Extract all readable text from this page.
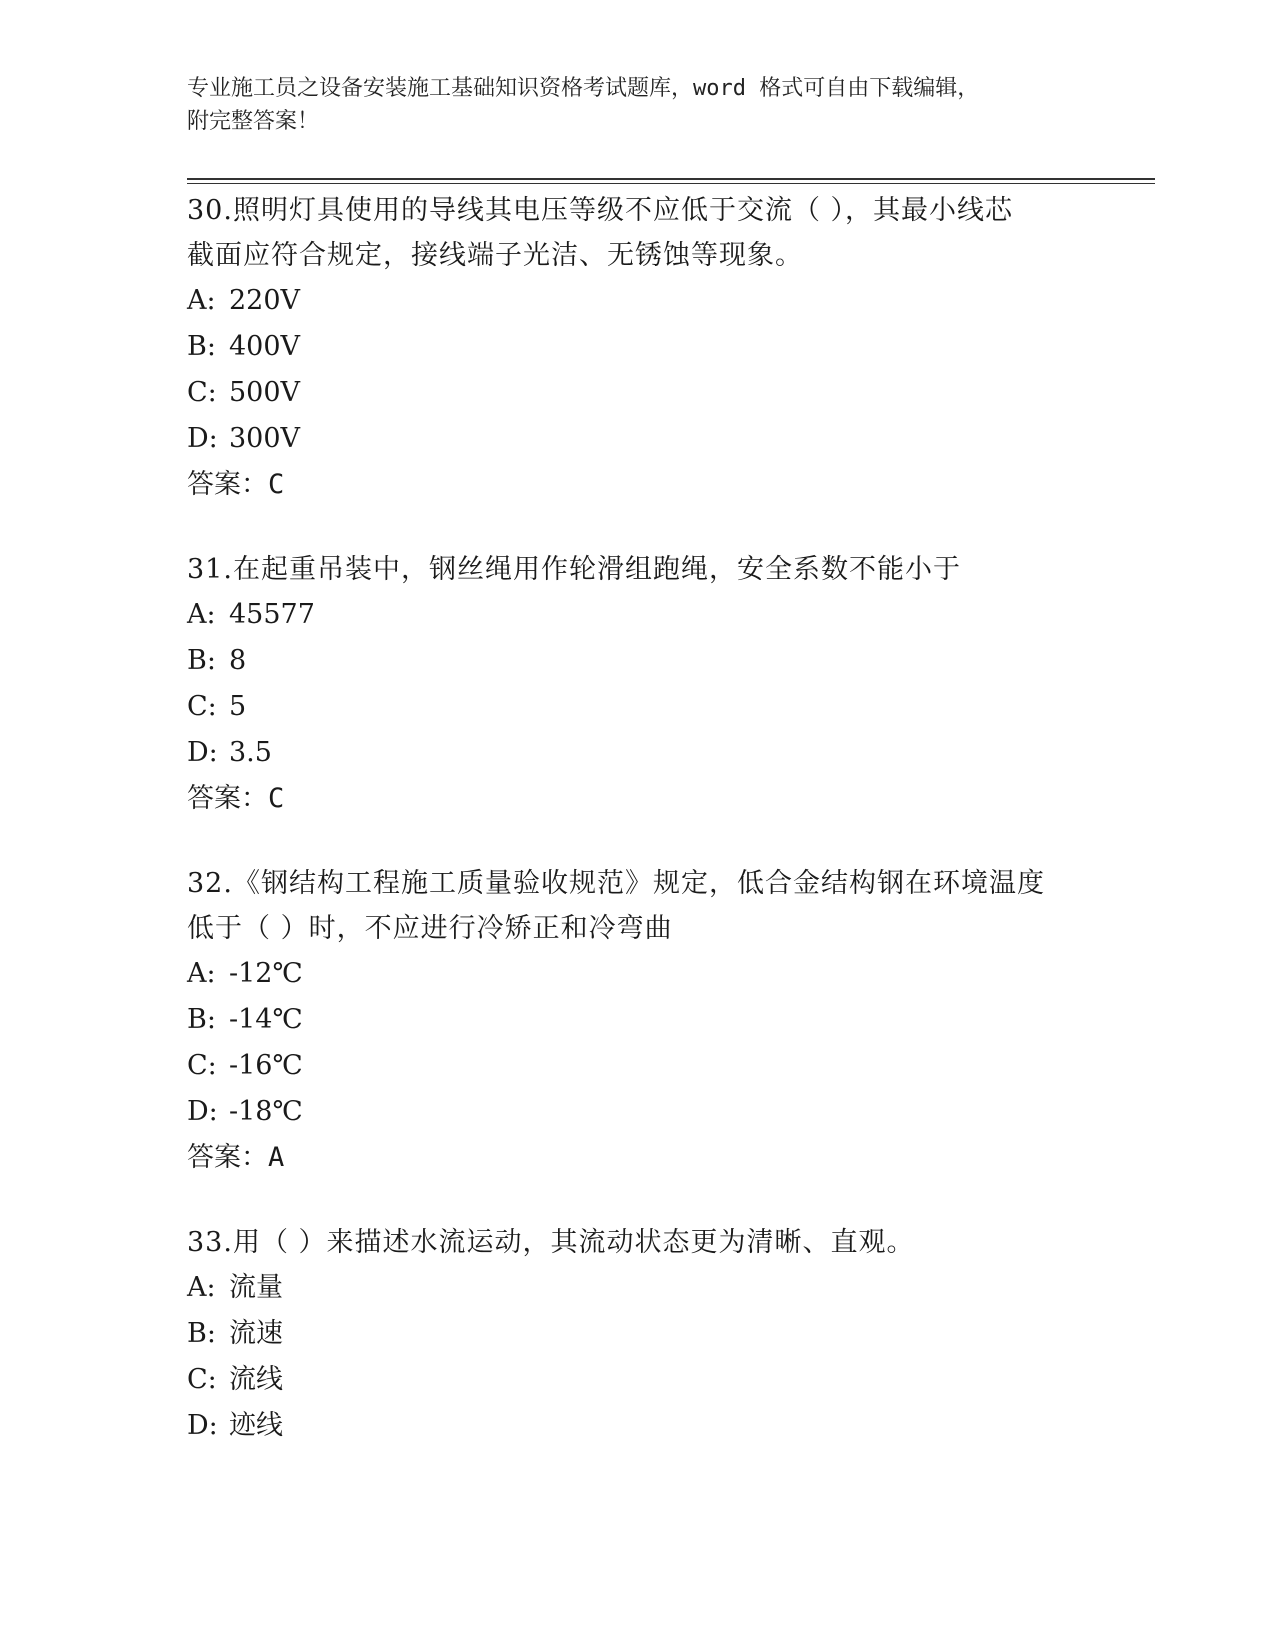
专业施工员之设备安装施工基础知识资格考试题库，word 格式可自由下载编辑，
附完整答案！

30.照明灯具使用的导线其电压等级不应低于交流（ ），其最小线芯

截面应符合规定，接线端子光洁、无锈蚀等现象。

A: 220V

B: 400V

C: 500V

D: 300V

答案：C

31.在起重吊装中，钢丝绳用作轮滑组跑绳，安全系数不能小于

A: 45577

B: 8

C: 5

D: 3.5

答案：C

32.《钢结构工程施工质量验收规范》规定，低合金结构钢在环境温度

低于（ ）时，不应进行冷矫正和冷弯曲

A: -12℃

B: -14℃

C: -16℃

D: -18℃

答案：A

33.用（ ）来描述水流运动，其流动状态更为清晰、直观。

A: 流量

B: 流速

C: 流线

D: 迹线
